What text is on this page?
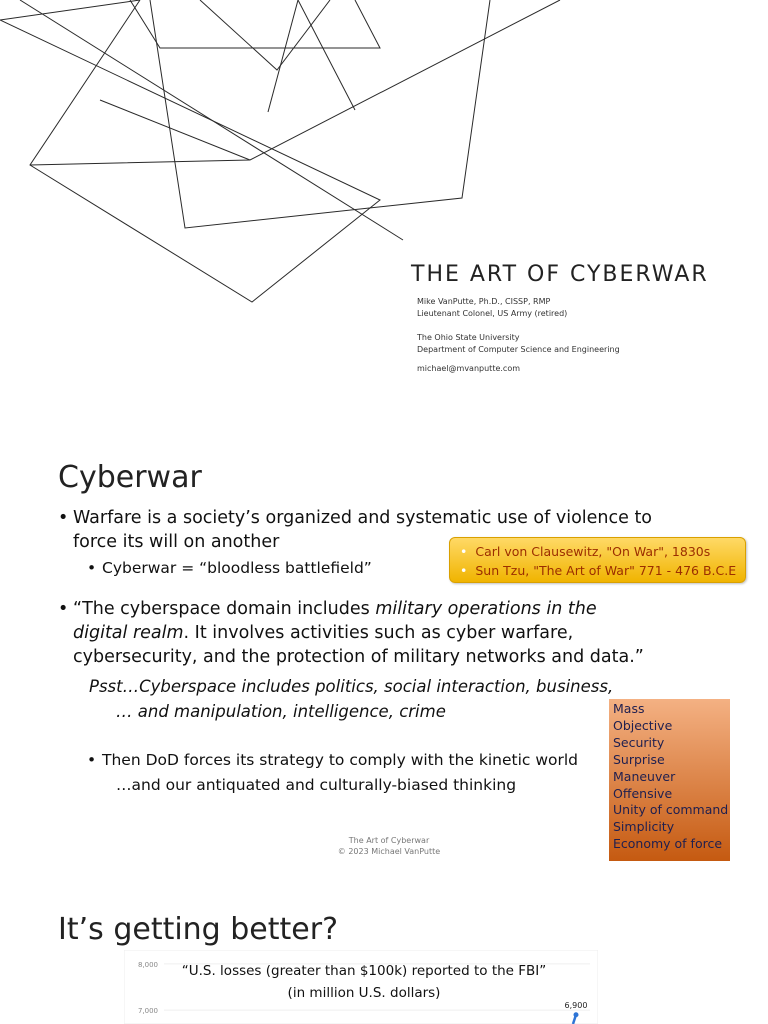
THE ART OF CYBERWAR
Mike VanPutte, Ph.D., CISSP, RMP
Lieutenant Colonel, US Army (retired)
The Ohio State University
Department of Computer Science and Engineering
michael@mvanputte.com
Cyberwar
• Warfare is a society’s organized and systematic use of violence to
force its will on another
• Cyberwar = “bloodless battlefield”
• Carl von Clausewitz, "On War", 1830s
• Sun Tzu, "The Art of War" 771 - 476 B.C.E
• “The cyberspace domain includes military operations in the
digital realm. It involves activities such as cyber warfare,
cybersecurity, and the protection of military networks and data.”
Psst…Cyberspace includes politics, social interaction, business,
… and manipulation, intelligence, crime
• Then DoD forces its strategy to comply with the kinetic world
…and our antiquated and culturally-biased thinking
Mass
Objective
Security
Surprise
Maneuver
Offensive
Unity of command
Simplicity
Economy of force
The Art of Cyberwar
© 2023 Michael VanPutte
It’s getting better?
“U.S. losses (greater than $100k) reported to the FBI”
(in million U.S. dollars)
8,000
7,000
6,900
